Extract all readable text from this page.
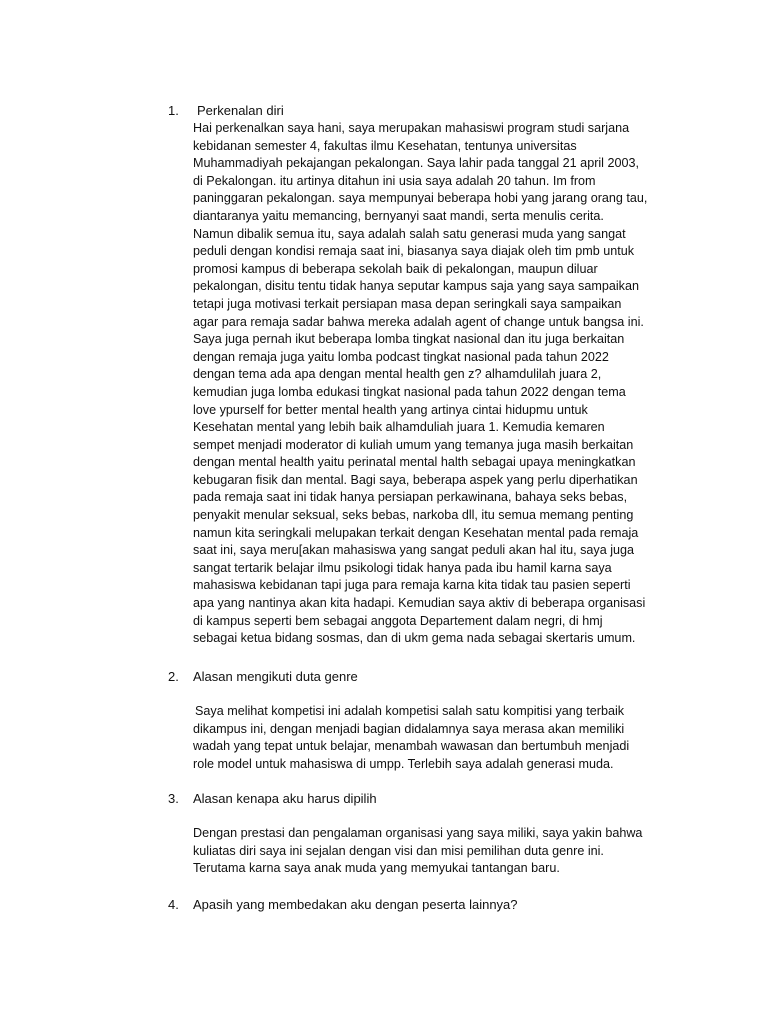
1. Perkenalan diri
Hai perkenalkan saya hani, saya merupakan mahasiswi program studi sarjana
kebidanan semester 4, fakultas ilmu Kesehatan, tentunya universitas
Muhammadiyah pekajangan pekalongan. Saya lahir pada tanggal 21 april 2003,
di Pekalongan. itu artinya ditahun ini usia saya adalah 20 tahun. Im from
paninggaran pekalongan. saya mempunyai beberapa hobi yang jarang orang tau,
diantaranya yaitu memancing, bernyanyi saat mandi, serta menulis cerita.
Namun dibalik semua itu, saya adalah salah satu generasi muda yang sangat
peduli dengan kondisi remaja saat ini, biasanya saya diajak oleh tim pmb untuk
promosi kampus di beberapa sekolah baik di pekalongan, maupun diluar
pekalongan, disitu tentu tidak hanya seputar kampus saja yang saya sampaikan
tetapi juga motivasi terkait persiapan masa depan seringkali saya sampaikan
agar para remaja sadar bahwa mereka adalah agent of change untuk bangsa ini.
Saya juga pernah ikut beberapa lomba tingkat nasional dan itu juga berkaitan
dengan remaja juga yaitu lomba podcast tingkat nasional pada tahun 2022
dengan tema ada apa dengan mental health gen z? alhamdulilah juara 2,
kemudian juga lomba edukasi tingkat nasional pada tahun 2022 dengan tema
love ypurself for better mental health yang artinya cintai hidupmu untuk
Kesehatan mental yang lebih baik alhamduliah juara 1. Kemudia kemaren
sempet menjadi moderator di kuliah umum yang temanya juga masih berkaitan
dengan mental health yaitu perinatal mental halth sebagai upaya meningkatkan
kebugaran fisik dan mental. Bagi saya, beberapa aspek yang perlu diperhatikan
pada remaja saat ini tidak hanya persiapan perkawinana, bahaya seks bebas,
penyakit menular seksual, seks bebas, narkoba dll, itu semua memang penting
namun kita seringkali melupakan terkait dengan Kesehatan mental pada remaja
saat ini, saya meru[akan mahasiswa yang sangat peduli akan hal itu, saya juga
sangat tertarik belajar ilmu psikologi tidak hanya pada ibu hamil karna saya
mahasiswa kebidanan tapi juga para remaja karna kita tidak tau pasien seperti
apa yang nantinya akan kita hadapi. Kemudian saya aktiv di beberapa organisasi
di kampus seperti bem sebagai anggota Departement dalam negri, di hmj
sebagai ketua bidang sosmas, dan di ukm gema nada sebagai skertaris umum.
2. Alasan mengikuti duta genre
Saya melihat kompetisi ini adalah kompetisi salah satu kompitisi yang terbaik
dikampus ini, dengan menjadi bagian didalamnya saya merasa akan memiliki
wadah yang tepat untuk belajar, menambah wawasan dan bertumbuh menjadi
role model untuk mahasiswa di umpp. Terlebih saya adalah generasi muda.
3. Alasan kenapa aku harus dipilih
Dengan prestasi dan pengalaman organisasi yang saya miliki, saya yakin bahwa
kuliatas diri saya ini sejalan dengan visi dan misi pemilihan duta genre ini.
Terutama karna saya anak muda yang memyukai tantangan baru.
4. Apasih yang membedakan aku dengan peserta lainnya?
